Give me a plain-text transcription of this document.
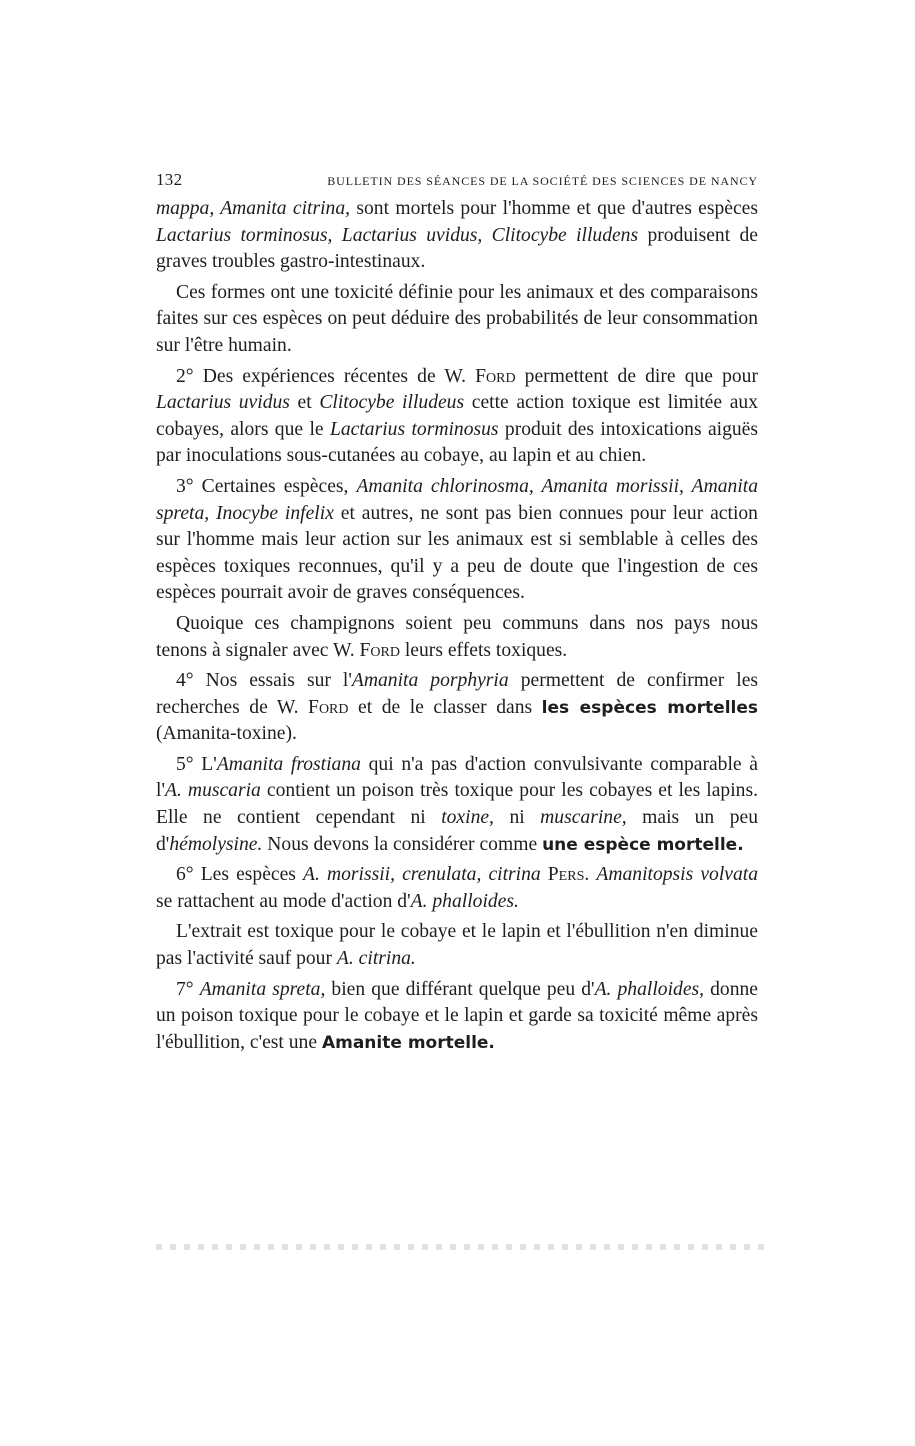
132	BULLETIN DES SÉANCES DE LA SOCIÉTÉ DES SCIENCES DE NANCY

mappa, Amanita citrina, sont mortels pour l'homme et que d'autres espèces Lactarius torminosus, Lactarius uvidus, Clitocybe illudens produisent de graves troubles gastro-intestinaux.

Ces formes ont une toxicité définie pour les animaux et des comparaisons faites sur ces espèces on peut déduire des probabilités de leur consommation sur l'être humain.

2° Des expériences récentes de W. Ford permettent de dire que pour Lactarius uvidus et Clitocybe illudeus cette action toxique est limitée aux cobayes, alors que le Lactarius torminosus produit des intoxications aiguës par inoculations sous-cutanées au cobaye, au lapin et au chien.

3° Certaines espèces, Amanita chlorinosma, Amanita morissii, Amanita spreta, Inocybe infelix et autres, ne sont pas bien connues pour leur action sur l'homme mais leur action sur les animaux est si semblable à celles des espèces toxiques reconnues, qu'il y a peu de doute que l'ingestion de ces espèces pourrait avoir de graves conséquences.

Quoique ces champignons soient peu communs dans nos pays nous tenons à signaler avec W. Ford leurs effets toxiques.

4° Nos essais sur l'Amanita porphyria permettent de confirmer les recherches de W. Ford et de le classer dans les espèces mortelles (Amanita-toxine).

5° L'Amanita frostiana qui n'a pas d'action convulsivante comparable à l'A. muscaria contient un poison très toxique pour les cobayes et les lapins. Elle ne contient cependant ni toxine, ni muscarine, mais un peu d'hémolysine. Nous devons la considérer comme une espèce mortelle.

6° Les espèces A. morissii, crenulata, citrina Pers. Amanitopsis volvata se rattachent au mode d'action d'A. phalloides.

L'extrait est toxique pour le cobaye et le lapin et l'ébullition n'en diminue pas l'activité sauf pour A. citrina.

7° Amanita spreta, bien que différant quelque peu d'A. phalloides, donne un poison toxique pour le cobaye et le lapin et garde sa toxicité même après l'ébullition, c'est une Amanite mortelle.
